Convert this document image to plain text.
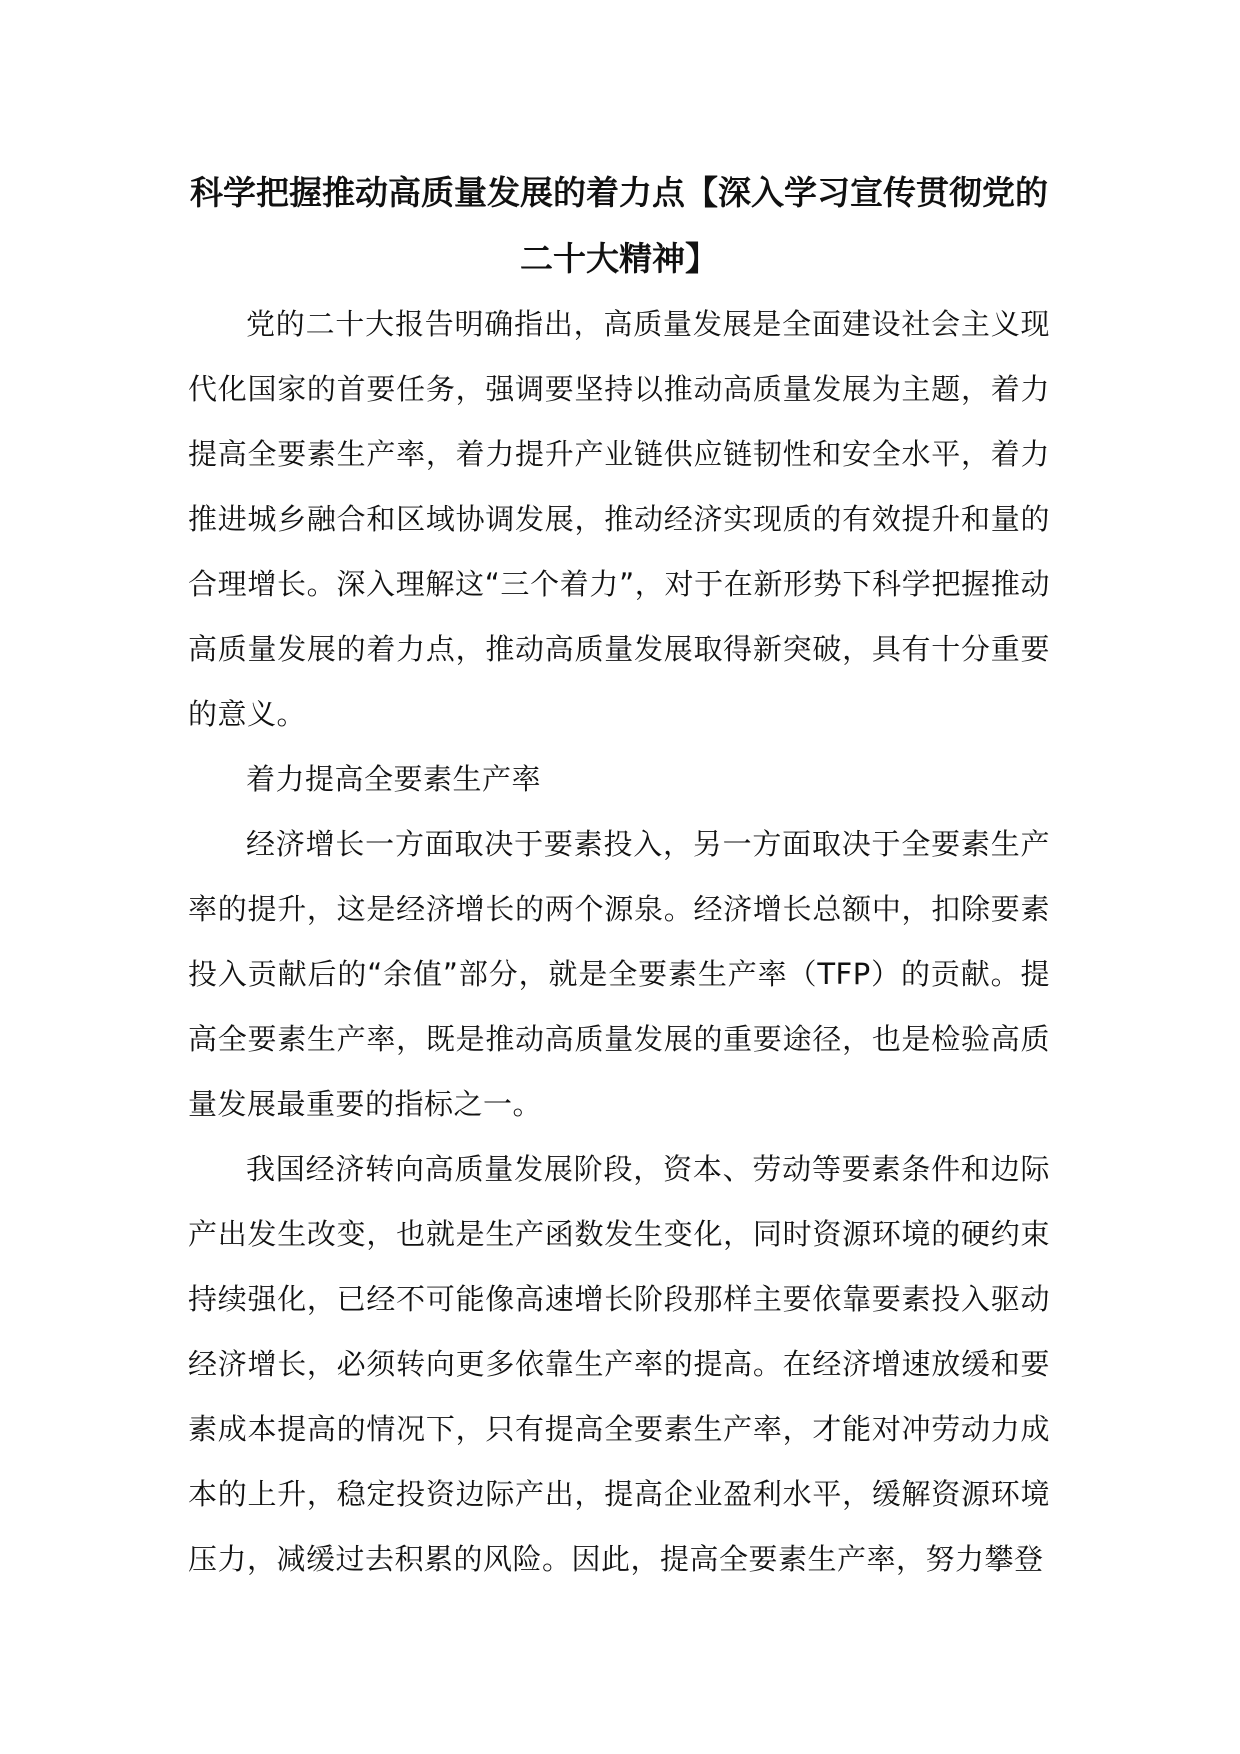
科学把握推动高质量发展的着力点【深入学习宣传贯彻党的二十大精神】

党的二十大报告明确指出，高质量发展是全面建设社会主义现代化国家的首要任务，强调要坚持以推动高质量发展为主题，着力提高全要素生产率，着力提升产业链供应链韧性和安全水平，着力推进城乡融合和区域协调发展，推动经济实现质的有效提升和量的合理增长。深入理解这“三个着力”，对于在新形势下科学把握推动高质量发展的着力点，推动高质量发展取得新突破，具有十分重要的意义。

着力提高全要素生产率

经济增长一方面取决于要素投入，另一方面取决于全要素生产率的提升，这是经济增长的两个源泉。经济增长总额中，扣除要素投入贡献后的“余值”部分，就是全要素生产率（TFP）的贡献。提高全要素生产率，既是推动高质量发展的重要途径，也是检验高质量发展最重要的指标之一。

我国经济转向高质量发展阶段，资本、劳动等要素条件和边际产出发生改变，也就是生产函数发生变化，同时资源环境的硬约束持续强化，已经不可能像高速增长阶段那样主要依靠要素投入驱动经济增长，必须转向更多依靠生产率的提高。在经济增速放缓和要素成本提高的情况下，只有提高全要素生产率，才能对冲劳动力成本的上升，稳定投资边际产出，提高企业盈利水平，缓解资源环境压力，减缓过去积累的风险。因此，提高全要素生产率，努力攀登
